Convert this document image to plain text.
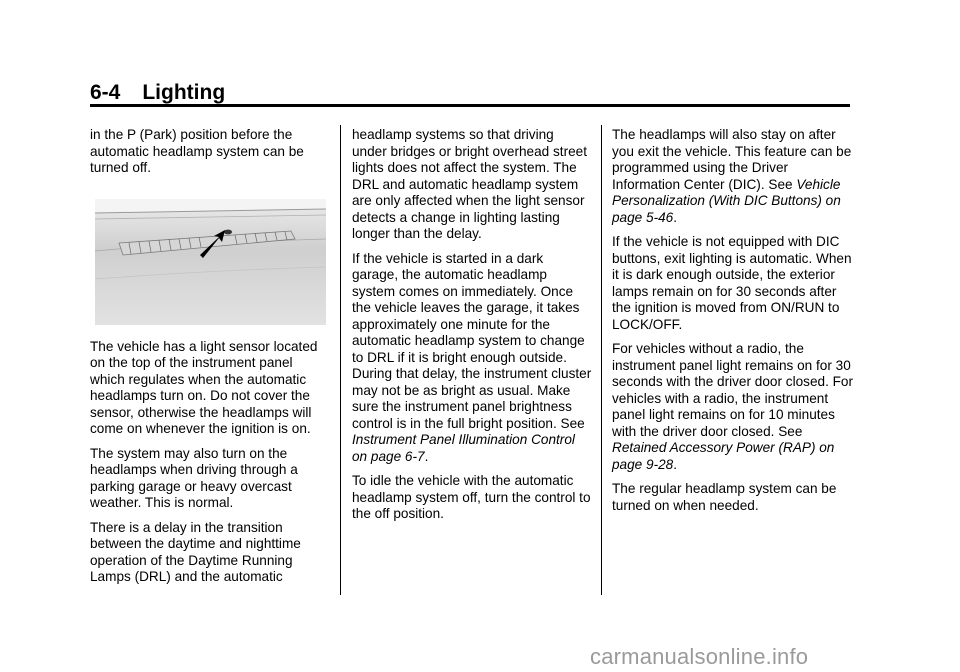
6-4 Lighting

in the P (Park) position before the automatic headlamp system can be turned off.

The vehicle has a light sensor located on the top of the instrument panel which regulates when the automatic headlamps turn on. Do not cover the sensor, otherwise the headlamps will come on whenever the ignition is on.

The system may also turn on the headlamps when driving through a parking garage or heavy overcast weather. This is normal.

There is a delay in the transition between the daytime and nighttime operation of the Daytime Running Lamps (DRL) and the automatic

headlamp systems so that driving under bridges or bright overhead street lights does not affect the system. The DRL and automatic headlamp system are only affected when the light sensor detects a change in lighting lasting longer than the delay.

If the vehicle is started in a dark garage, the automatic headlamp system comes on immediately. Once the vehicle leaves the garage, it takes approximately one minute for the automatic headlamp system to change to DRL if it is bright enough outside. During that delay, the instrument cluster may not be as bright as usual. Make sure the instrument panel brightness control is in the full bright position. See Instrument Panel Illumination Control on page 6-7.

To idle the vehicle with the automatic headlamp system off, turn the control to the off position.

The headlamps will also stay on after you exit the vehicle. This feature can be programmed using the Driver Information Center (DIC). See Vehicle Personalization (With DIC Buttons) on page 5-46.

If the vehicle is not equipped with DIC buttons, exit lighting is automatic. When it is dark enough outside, the exterior lamps remain on for 30 seconds after the ignition is moved from ON/RUN to LOCK/OFF.

For vehicles without a radio, the instrument panel light remains on for 30 seconds with the driver door closed. For vehicles with a radio, the instrument panel light remains on for 10 minutes with the driver door closed. See Retained Accessory Power (RAP) on page 9-28.

The regular headlamp system can be turned on when needed.

carmanualsonline.info
